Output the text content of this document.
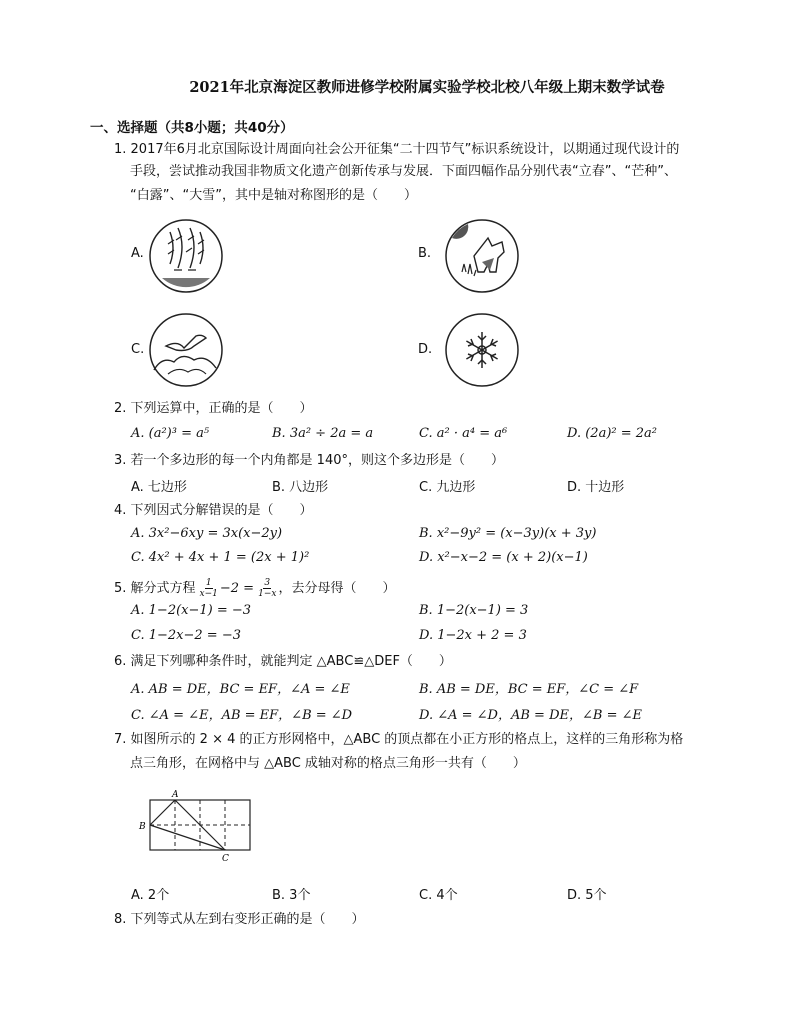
2021年北京海淀区教师进修学校附属实验学校北校八年级上期末数学试卷
一、选择题（共8小题；共40分）
1. 2017年6月北京国际设计周面向社会公开征集“二十四节气”标识系统设计，以期通过现代设计的
手段，尝试推动我国非物质文化遗产创新传承与发展．下面四幅作品分别代表“立春”、“芒种”、
“白露”、“大雪”，其中是轴对称图形的是（　　）
A.	B.
C.	D.
2. 下列运算中，正确的是（　　）
A. (a²)³ = a⁵	B. 3a² ÷ 2a = a	C. a² · a⁴ = a⁶	D. (2a)² = 2a²
3. 若一个多边形的每一个内角都是 140°，则这个多边形是（　　）
A. 七边形	B. 八边形	C. 九边形	D. 十边形
4. 下列因式分解错误的是（　　）
A. 3x²−6xy = 3x(x−2y)	B. x²−9y² = (x−3y)(x + 3y)
C. 4x² + 4x + 1 = (2x + 1)²	D. x²−x−2 = (x + 2)(x−1)
5. 解分式方程 $\frac{1}{x-1} -2 = \frac{3}{1-x}$ ，去分母得（　　）
A. 1−2(x−1) = −3	B. 1−2(x−1) = 3
C. 1−2x−2 = −3	D. 1−2x + 2 = 3
6. 满足下列哪种条件时，就能判定 △ABC≌△DEF（　　）
A. AB = DE，BC = EF，∠A = ∠E	B. AB = DE，BC = EF，∠C = ∠F
C. ∠A = ∠E，AB = EF，∠B = ∠D	D. ∠A = ∠D，AB = DE，∠B = ∠E
7. 如图所示的 2 × 4 的正方形网格中，△ABC 的顶点都在小正方形的格点上，这样的三角形称为格
点三角形，在网格中与 △ABC 成轴对称的格点三角形一共有（　　）
A
B
C
A. 2个	B. 3个	C. 4个	D. 5个
8. 下列等式从左到右变形正确的是（　　）
